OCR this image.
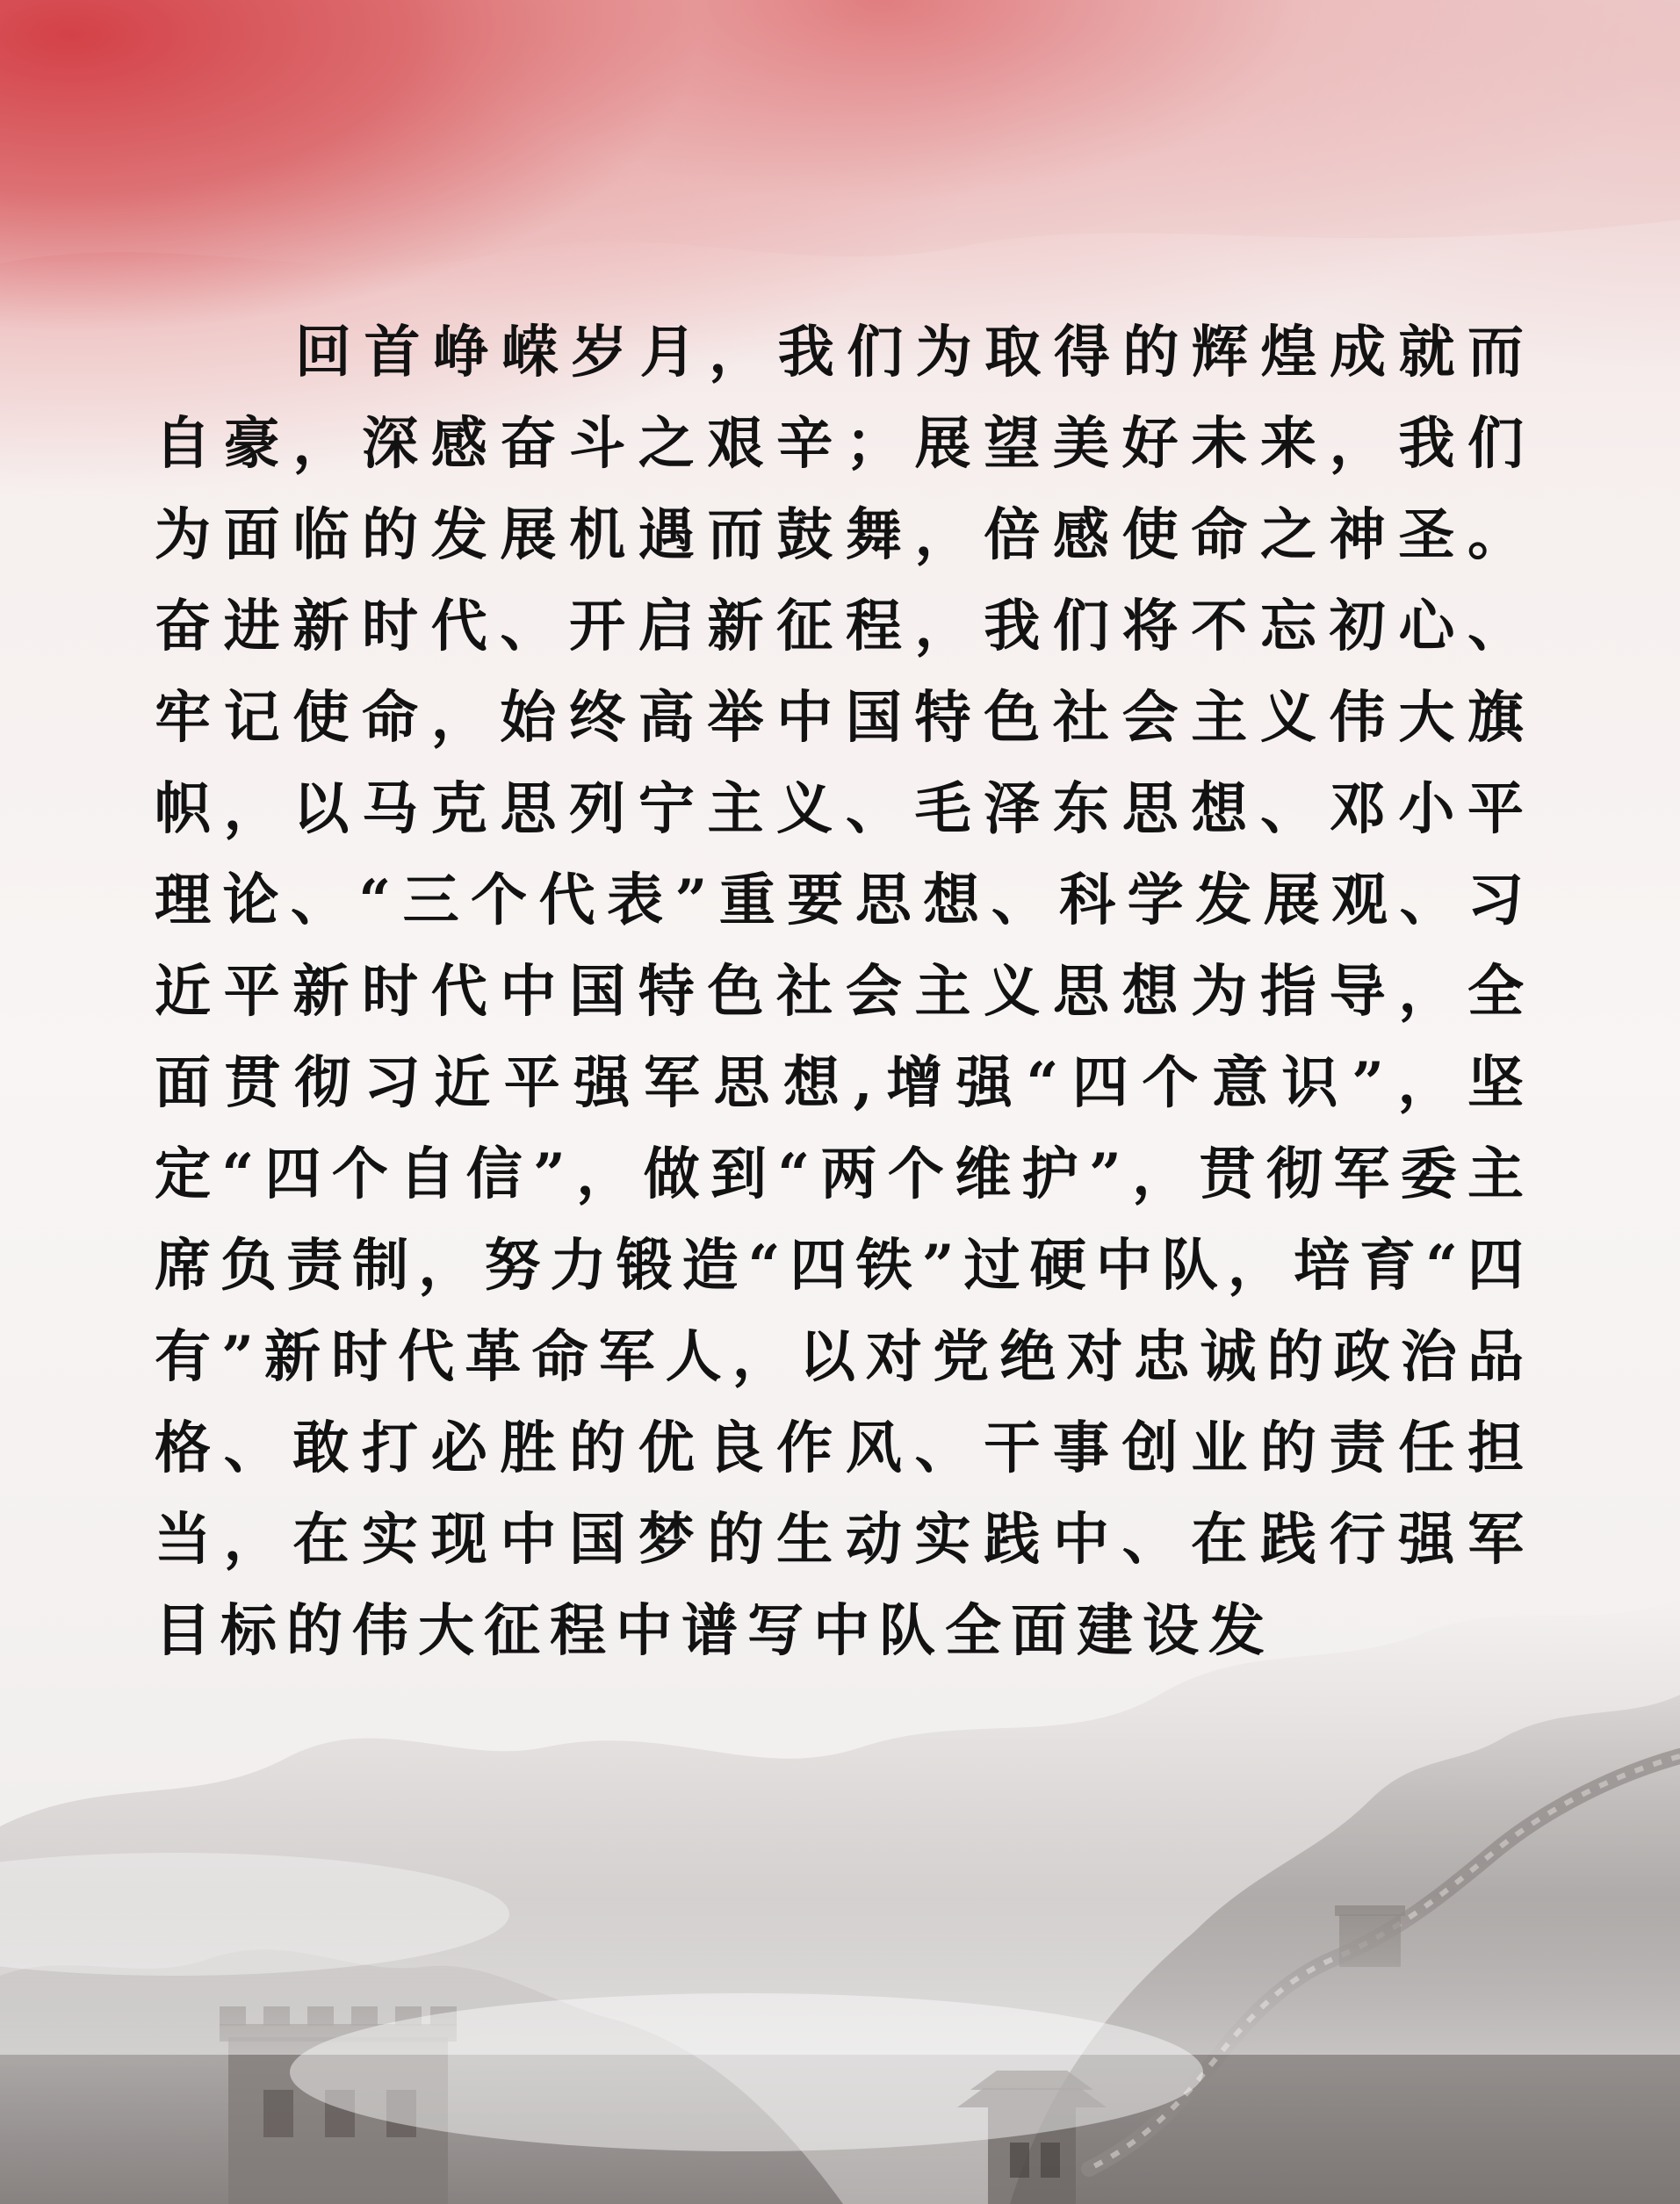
回首峥嵘岁月，我们为取得的辉煌成就而自豪，深感奋斗之艰辛；展望美好未来，我们为面临的发展机遇而鼓舞，倍感使命之神圣。奋进新时代、开启新征程，我们将不忘初心、牢记使命，始终高举中国特色社会主义伟大旗帜，以马克思列宁主义、毛泽东思想、邓小平理论、“三个代表”重要思想、科学发展观、习近平新时代中国特色社会主义思想为指导，全面贯彻习近平强军思想,增强“四个意识”，坚定“四个自信”，做到“两个维护”，贯彻军委主席负责制，努力锻造“四铁”过硬中队，培育“四有”新时代革命军人，以对党绝对忠诚的政治品格、敢打必胜的优良作风、干事创业的责任担当，在实现中国梦的生动实践中、在践行强军目标的伟大征程中谱写中队全面建设发
